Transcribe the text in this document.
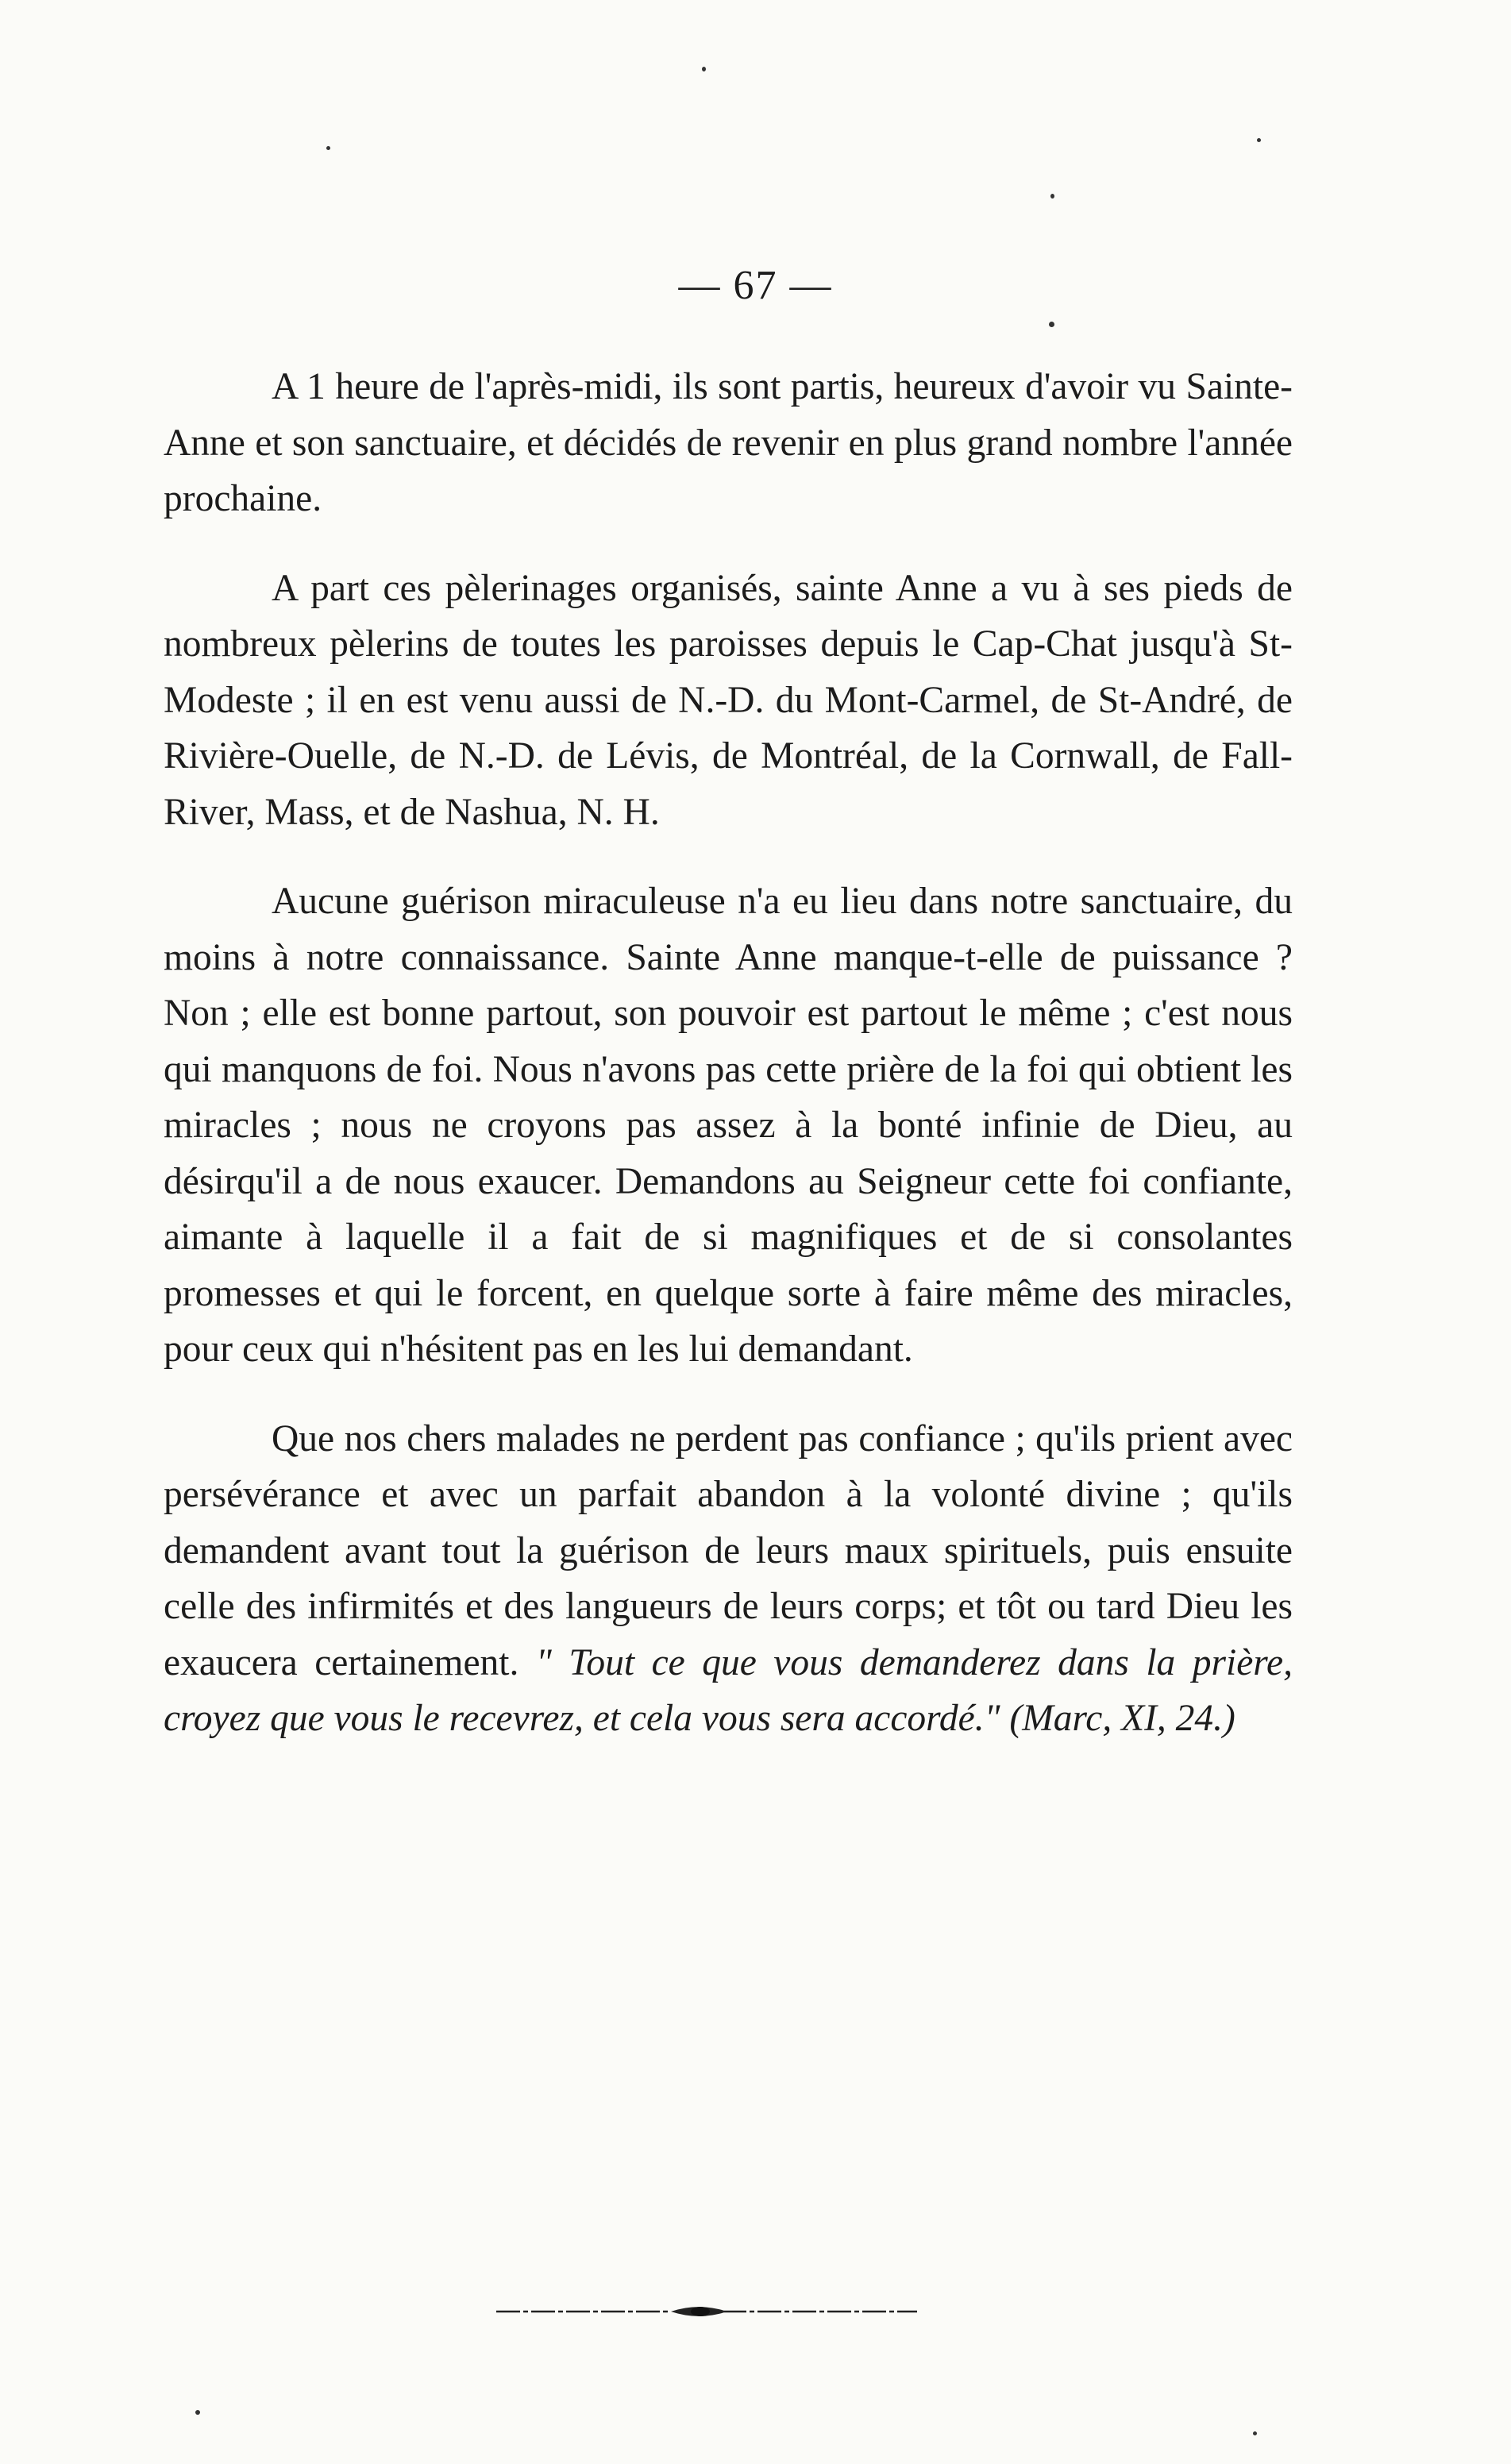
— 67 —

A 1 heure de l'après-midi, ils sont partis, heureux d'avoir vu Sainte-Anne et son sanctuaire, et décidés de revenir en plus grand nombre l'année prochaine.

A part ces pèlerinages organisés, sainte Anne a vu à ses pieds de nombreux pèlerins de toutes les paroisses depuis le Cap-Chat jusqu'à St-Modeste ; il en est venu aussi de N.-D. du Mont-Carmel, de St-André, de Rivière-Ouelle, de N.-D. de Lévis, de Montréal, de la Cornwall, de Fall-River, Mass, et de Nashua, N. H.

Aucune guérison miraculeuse n'a eu lieu dans notre sanctuaire, du moins à notre connaissance. Sainte Anne manque-t-elle de puissance ? Non ; elle est bonne partout, son pouvoir est partout le même ; c'est nous qui manquons de foi. Nous n'avons pas cette prière de la foi qui obtient les miracles ; nous ne croyons pas assez à la bonté infinie de Dieu, au désirqu'il a de nous exaucer. Demandons au Seigneur cette foi confiante, aimante à laquelle il a fait de si magnifiques et de si consolantes promesses et qui le forcent, en quelque sorte à faire même des miracles, pour ceux qui n'hésitent pas en les lui demandant.

Que nos chers malades ne perdent pas confiance ; qu'ils prient avec persévérance et avec un parfait abandon à la volonté divine ; qu'ils demandent avant tout la guérison de leurs maux spirituels, puis ensuite celle des infirmités et des langueurs de leurs corps; et tôt ou tard Dieu les exaucera certainement. " Tout ce que vous demanderez dans la prière, croyez que vous le recevrez, et cela vous sera accordé." (Marc, XI, 24.)
